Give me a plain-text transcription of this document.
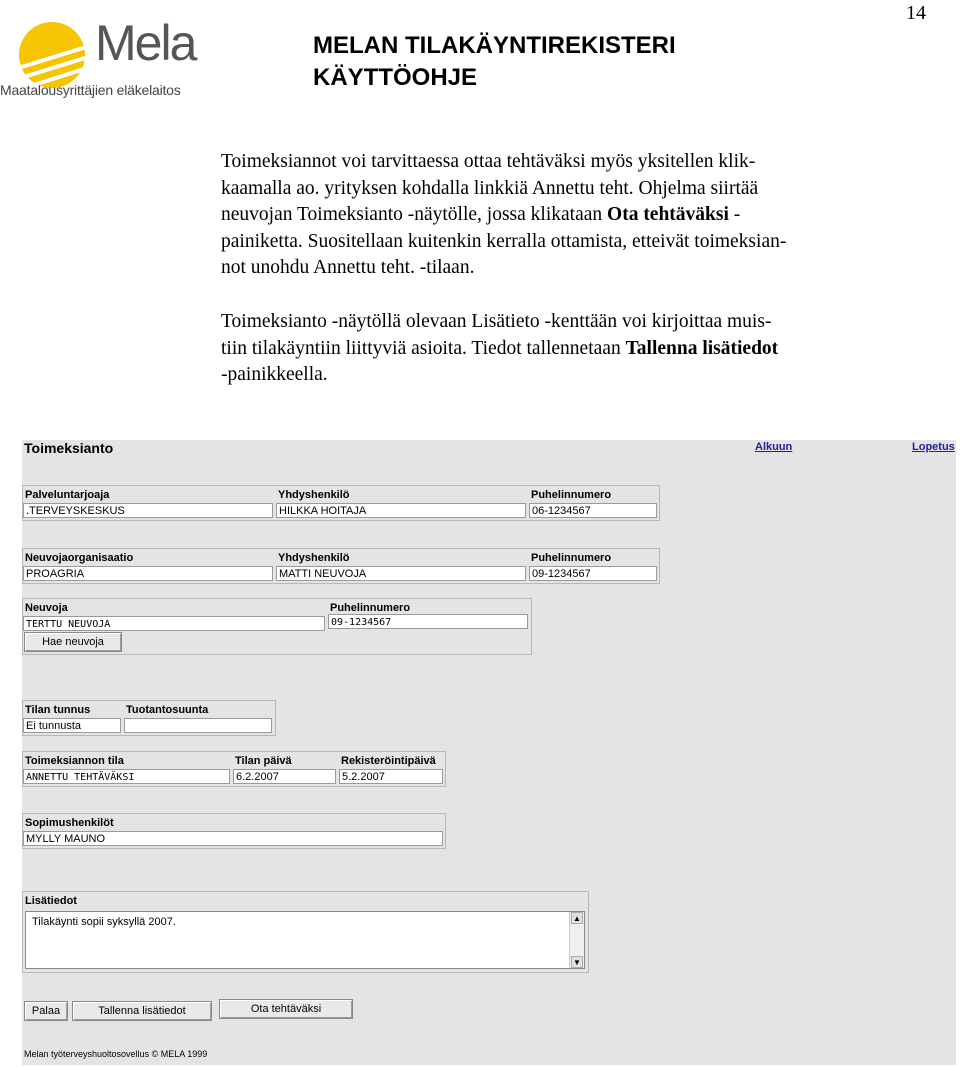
14
Mela
Maatalousyrittäjien eläkelaitos
MELAN TILAKÄYNTIREKISTERI
KÄYTTÖOHJE
Toimeksiannot voi tarvittaessa ottaa tehtäväksi myös yksitellen klik-
kaamalla ao. yrityksen kohdalla linkkiä Annettu teht. Ohjelma siirtää
neuvojan Toimeksianto -näytölle, jossa klikataan Ota tehtäväksi -
painiketta. Suositellaan kuitenkin kerralla ottamista, etteivät toimeksian-
not unohdu Annettu teht. -tilaan.
Toimeksianto -näytöllä olevaan Lisätieto -kenttään voi kirjoittaa muis-
tiin tilakäyntiin liittyviä asioita. Tiedot tallennetaan Tallenna lisätiedot
-painikkeella.
Toimeksianto	Alkuun	Lopetus
Palveluntarjoaja	Yhdyshenkilö	Puhelinnumero
.TERVEYSKESKUS	HILKKA HOITAJA	06-1234567
Neuvojaorganisaatio	Yhdyshenkilö	Puhelinnumero
PROAGRIA	MATTI NEUVOJA	09-1234567
Neuvoja	Puhelinnumero
TERTTU NEUVOJA	09-1234567
Hae neuvoja
Tilan tunnus	Tuotantosuunta
Ei tunnusta
Toimeksiannon tila	Tilan päivä	Rekisteröintipäivä
ANNETTU TEHTÄVÄKSI	6.2.2007	5.2.2007
Sopimushenkilöt
MYLLY MAUNO
Lisätiedot
Tilakäynti sopii syksyllä 2007.	▲
▼
Palaa	Tallenna lisätiedot	Ota tehtäväksi
Melan työterveyshuoltosovellus © MELA 1999
